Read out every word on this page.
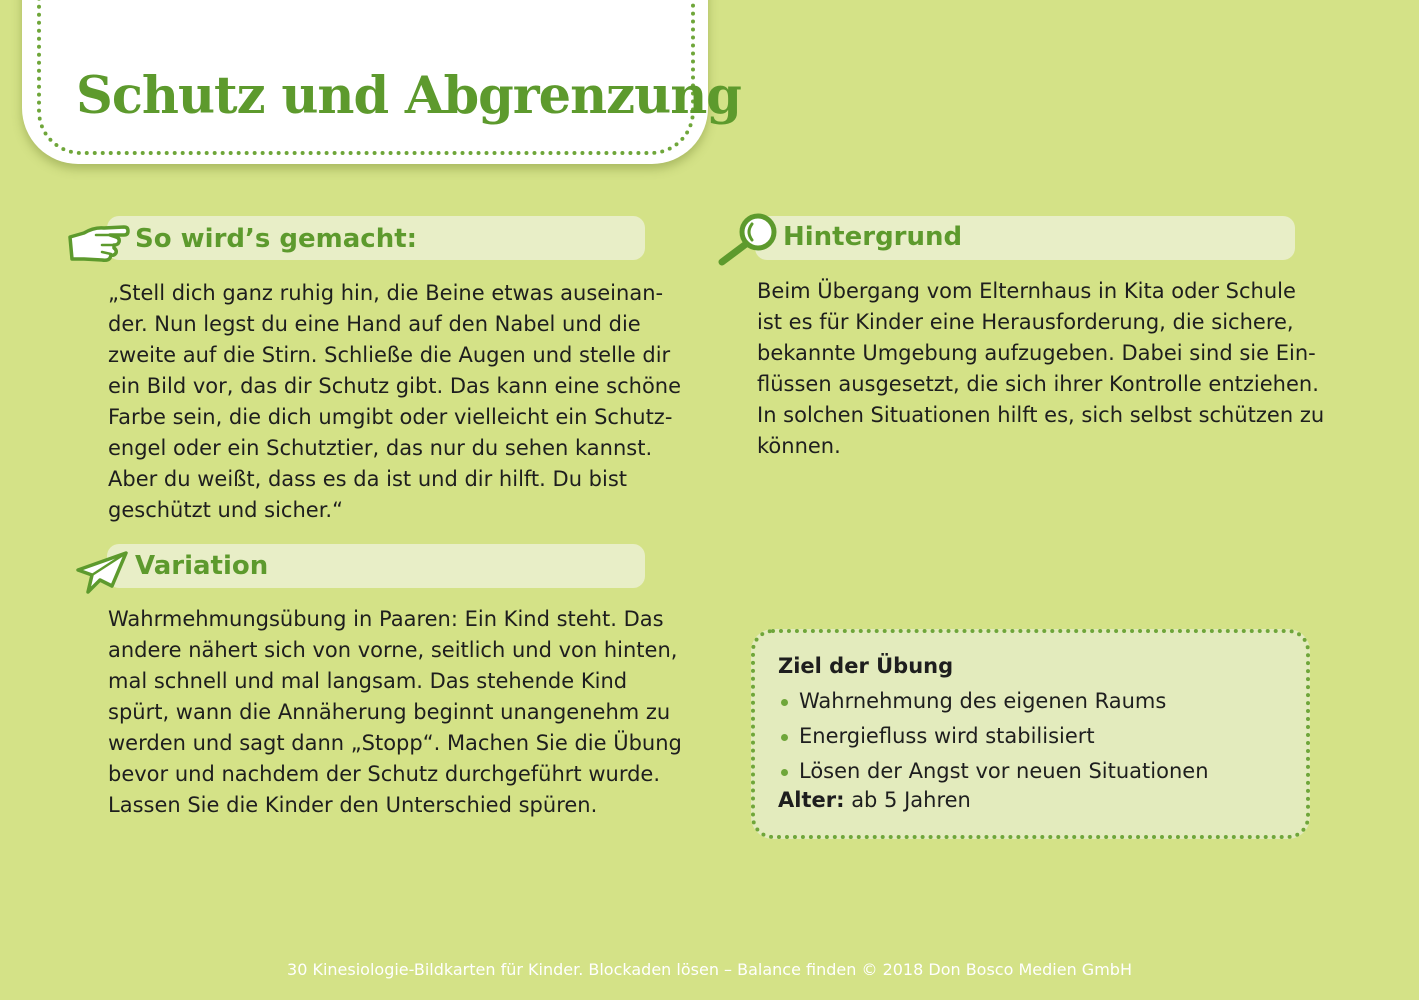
Schutz und Abgrenzung
So wird’s gemacht:
„Stell dich ganz ruhig hin, die Beine etwas auseinan-
der. Nun legst du eine Hand auf den Nabel und die
zweite auf die Stirn. Schließe die Augen und stelle dir
ein Bild vor, das dir Schutz gibt. Das kann eine schöne
Farbe sein, die dich umgibt oder vielleicht ein Schutz-
engel oder ein Schutztier, das nur du sehen kannst.
Aber du weißt, dass es da ist und dir hilft. Du bist
geschützt und sicher.“
Variation
Wahrmehmungsübung in Paaren: Ein Kind steht. Das
andere nähert sich von vorne, seitlich und von hinten,
mal schnell und mal langsam. Das stehende Kind
spürt, wann die Annäherung beginnt unangenehm zu
werden und sagt dann „Stopp“. Machen Sie die Übung
bevor und nachdem der Schutz durchgeführt wurde.
Lassen Sie die Kinder den Unterschied spüren.
Hintergrund
Beim Übergang vom Elternhaus in Kita oder Schule
ist es für Kinder eine Herausforderung, die sichere,
bekannte Umgebung aufzugeben. Dabei sind sie Ein-
flüssen ausgesetzt, die sich ihrer Kontrolle entziehen.
In solchen Situationen hilft es, sich selbst schützen zu
können.
Ziel der Übung
Wahrnehmung des eigenen Raums
Energiefluss wird stabilisiert
Lösen der Angst vor neuen Situationen

Alter: ab 5 Jahren

30 Kinesiologie-Bildkarten für Kinder. Blockaden lösen – Balance finden © 2018 Don Bosco Medien GmbH
